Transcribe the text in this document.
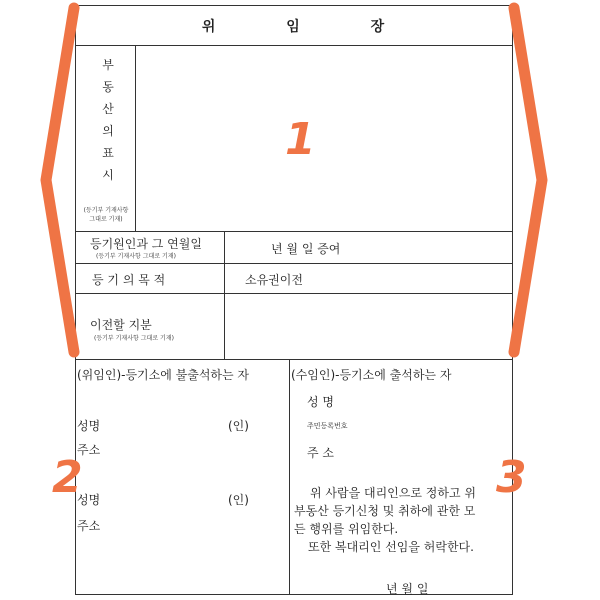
위 임 장
부
동
산
의
표
시
(등기부 기재사항
그대로 기재)
등기원인과 그 연월일
(등기부 기재사항 그대로 기재)
년 월 일 증여
등 기 의 목 적	소유권이전
이전할 지분
(등기부 기재사항 그대로 기재)
(위임인)-등기소에 불출석하는 자
성명	(인)
주소
성명	(인)
주소
(수임인)-등기소에 출석하는 자
성 명
주민등록번호
주 소
위 사람을 대리인으로 정하고 위
부동산 등기신청 및 취하에 관한 모
든 행위를 위임한다.
또한 복대리인 선임을 허락한다.
년 월 일
1
2	3
